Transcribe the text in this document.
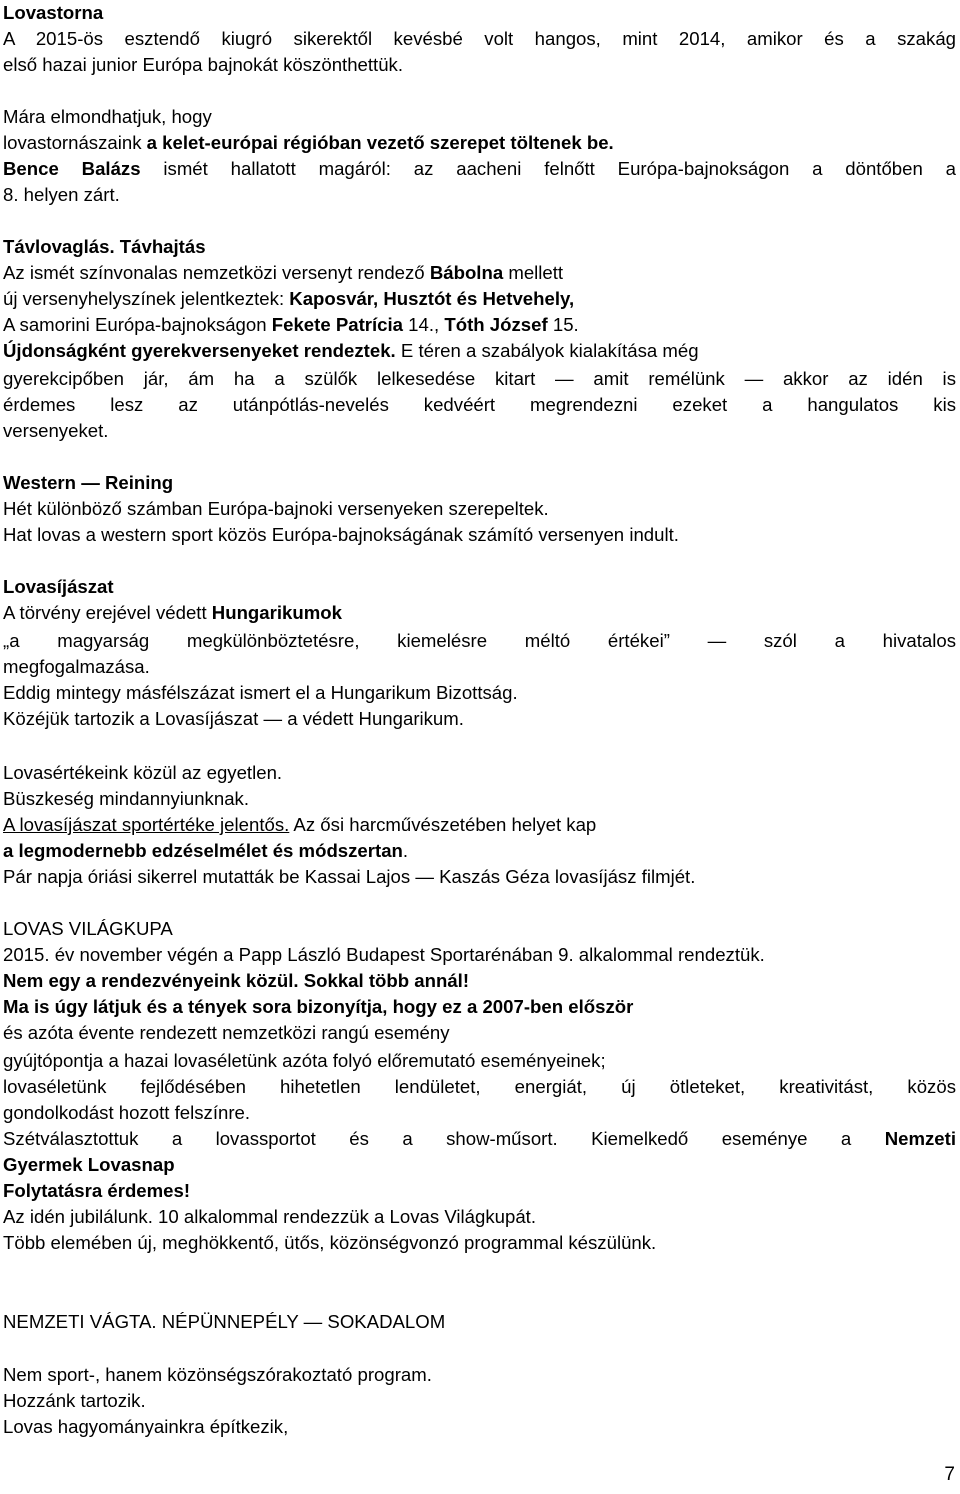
Lovastorna
A 2015-ös esztendő kiugró sikerektől kevésbé volt hangos, mint 2014, amikor és a szakág
első hazai junior Európa bajnokát köszönthettük.
Mára elmondhatjuk, hogy
lovastornászaink a kelet-európai régióban vezető szerepet töltenek be.
Bence Balázs ismét hallatott magáról: az aacheni felnőtt Európa-bajnokságon a döntőben a
8. helyen zárt.
Távlovaglás. Távhajtás
Az ismét színvonalas nemzetközi versenyt rendező Bábolna mellett
új versenyhelyszínek jelentkeztek: Kaposvár, Husztót és Hetvehely,
A samorini Európa-bajnokságon Fekete Patrícia 14., Tóth József 15.
Újdonságként gyerekversenyeket rendeztek. E téren a szabályok kialakítása még
gyerekcipőben jár, ám ha a szülők lelkesedése kitart — amit remélünk — akkor az idén is
érdemes lesz az utánpótlás-nevelés kedvéért megrendezni ezeket a hangulatos kis
versenyeket.
Western — Reining
Hét különböző számban Európa-bajnoki versenyeken szerepeltek.
Hat lovas a western sport közös Európa-bajnokságának számító versenyen indult.
Lovasíjászat
A törvény erejével védett Hungarikumok
„a magyarság megkülönböztetésre, kiemelésre méltó értékei” — szól a hivatalos
megfogalmazása.
Eddig mintegy másfélszázat ismert el a Hungarikum Bizottság.
Közéjük tartozik a Lovasíjászat — a védett Hungarikum.
Lovasértékeink közül az egyetlen.
Büszkeség mindannyiunknak.
A lovasíjászat sportértéke jelentős. Az ősi harcművészetében helyet kap
a legmodernebb edzéselmélet és módszertan.
Pár napja óriási sikerrel mutatták be Kassai Lajos — Kaszás Géza lovasíjász filmjét.
LOVAS VILÁGKUPA
2015. év november végén a Papp László Budapest Sportarénában 9. alkalommal rendeztük.
Nem egy a rendezvényeink közül. Sokkal több annál!
Ma is úgy látjuk és a tények sora bizonyítja, hogy ez a 2007-ben először
és azóta évente rendezett nemzetközi rangú esemény
gyújtópontja a hazai lovaséletünk azóta folyó előremutató eseményeinek;
lovaséletünk fejlődésében hihetetlen lendületet, energiát, új ötleteket, kreativitást, közös
gondolkodást hozott felszínre.
Szétválasztottuk a lovassportot és a show-műsort. Kiemelkedő eseménye a Nemzeti
Gyermek Lovasnap
Folytatásra érdemes!
Az idén jubilálunk. 10 alkalommal rendezzük a Lovas Világkupát.
Több elemében új, meghökkentő, ütős, közönségvonzó programmal készülünk.
NEMZETI VÁGTA. NÉPÜNNEPÉLY — SOKADALOM
Nem sport-, hanem közönségszórakoztató program.
Hozzánk tartozik.
Lovas hagyományainkra építkezik,
7
